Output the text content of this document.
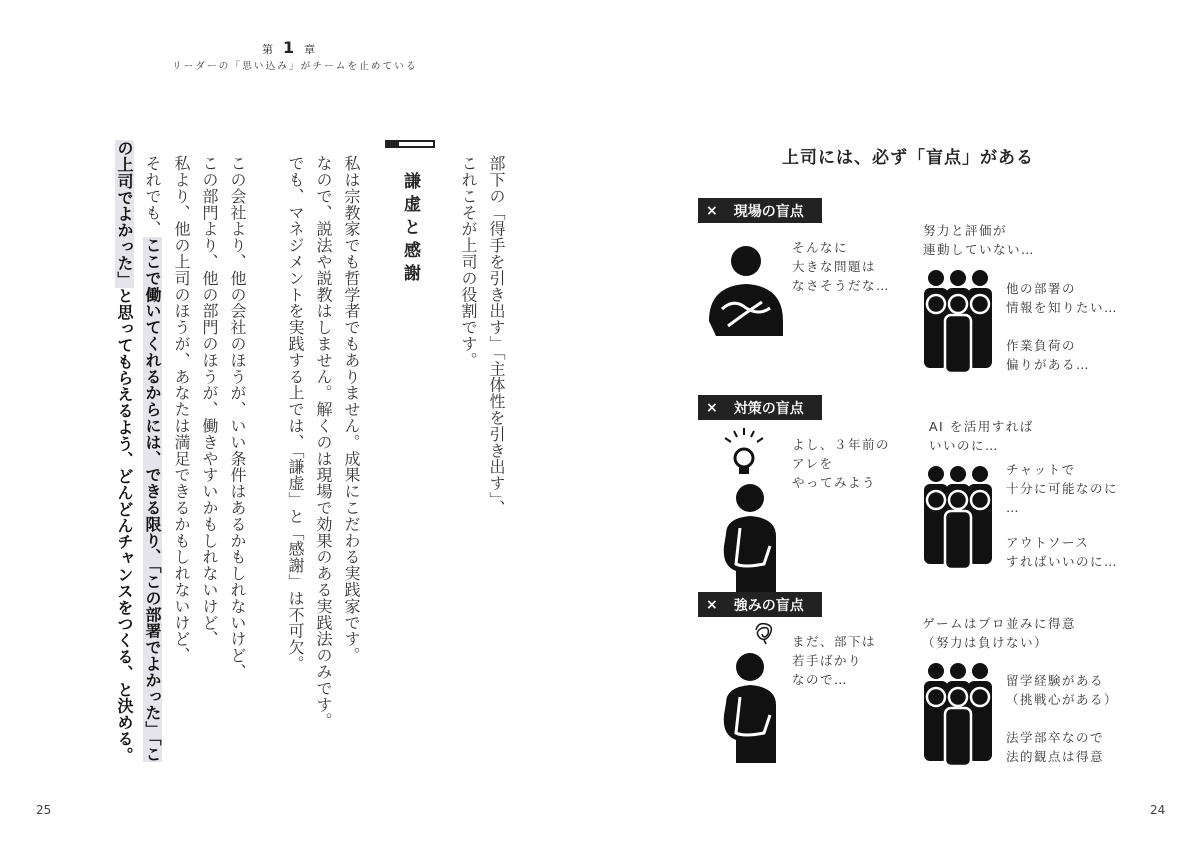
第 1 章
リーダーの「思い込み」がチームを止めている
部下の「得手を引き出す」「主体性を引き出す」、
これこそが上司の役割です。
謙虚と感謝
私は宗教家でも哲学者でもありません。成果にこだわる実践家です。
なので、説法や説教はしません。解くのは現場で効果のある実践法のみです。
でも、マネジメントを実践する上では、「謙虚」と「感謝」は不可欠。
この会社より、他の会社のほうが、いい条件はあるかもしれないけど、
この部門より、他の部門のほうが、働きやすいかもしれないけど、
私より、他の上司のほうが、あなたは満足できるかもしれないけど、
それでも、ここで働いてくれるからには、できる限り、「この部署でよかった」「こ
の上司でよかった」と思ってもらえるよう、どんどんチャンスをつくる、と決める。
25
上司には、必ず「盲点」がある
× 現場の盲点
そんなに
大きな問題は
なさそうだな…
努力と評価が
連動していない…
他の部署の
情報を知りたい…
作業負荷の
偏りがある…
× 対策の盲点
よし、３年前の
アレを
やってみよう
AI を活用すれば
いいのに…
チャットで
十分に可能なのに
…
アウトソース
すればいいのに…
× 強みの盲点
まだ、部下は
若手ばかり
なので…
ゲームはプロ並みに得意
（努力は負けない）
留学経験がある
（挑戦心がある）
法学部卒なので
法的観点は得意
24
